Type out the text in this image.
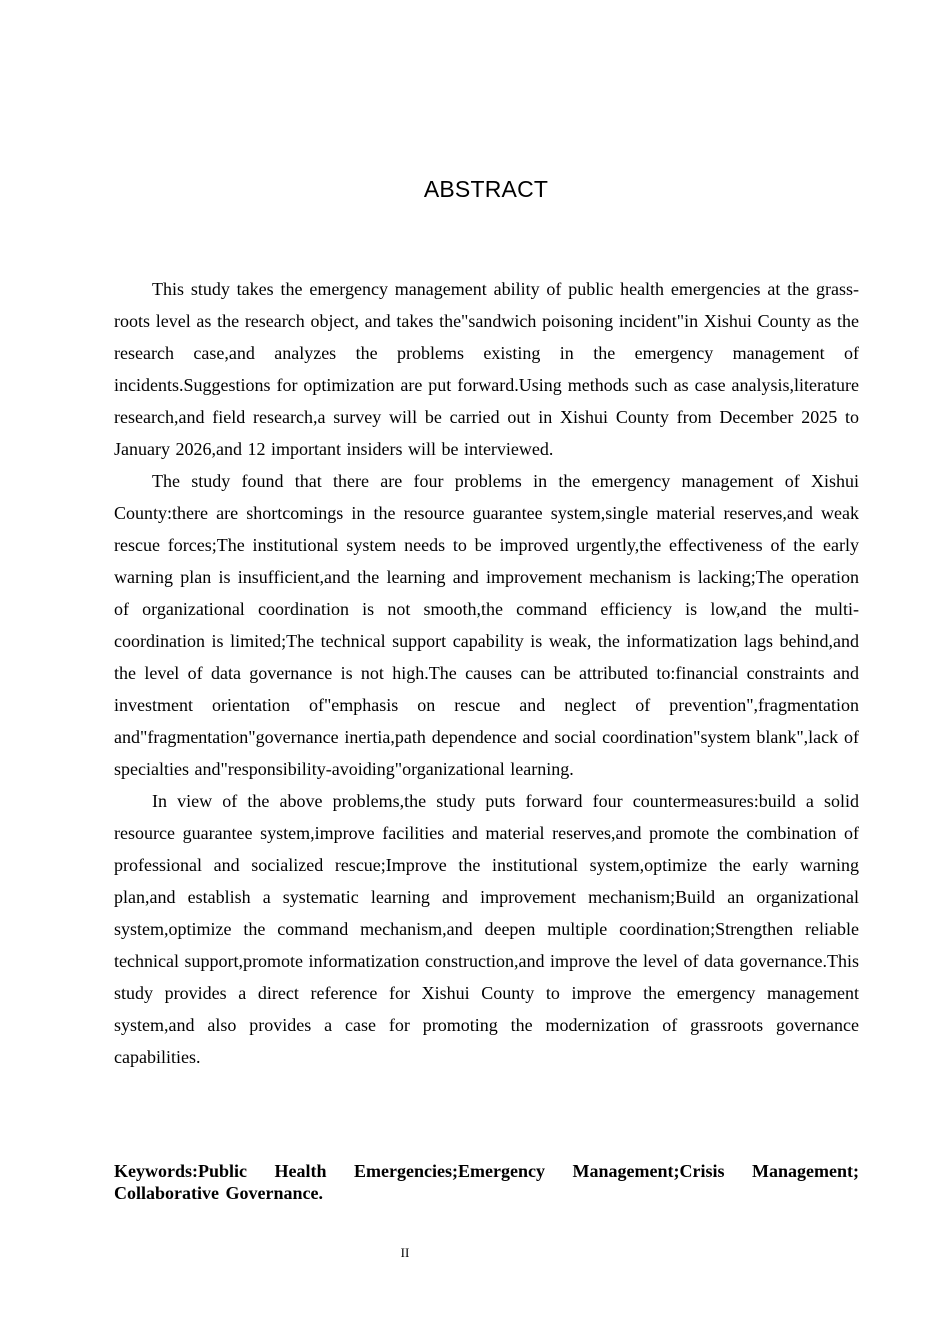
ABSTRACT

This study takes the emergency management ability of public health emergencies at the grass-roots level as the research object, and takes the"sandwich poisoning incident"in Xishui County as the research case,and analyzes the problems existing in the emergency management of incidents.Suggestions for optimization are put forward.Using methods such as case analysis,literature research,and field research,a survey will be carried out in Xishui County from December 2025 to January 2026,and 12 important insiders will be interviewed.

The study found that there are four problems in the emergency management of Xishui County:there are shortcomings in the resource guarantee system,single material reserves,and weak rescue forces;The institutional system needs to be improved urgently,the effectiveness of the early warning plan is insufficient,and the learning and improvement mechanism is lacking;The operation of organizational coordination is not smooth,the command efficiency is low,and the multi-coordination is limited;The technical support capability is weak, the informatization lags behind,and the level of data governance is not high.The causes can be attributed to:financial constraints and investment orientation of"emphasis on rescue and neglect of prevention",fragmentation and"fragmentation"governance inertia,path dependence and social coordination"system blank",lack of specialties and"responsibility-avoiding"organizational learning.

In view of the above problems,the study puts forward four countermeasures:build a solid resource guarantee system,improve facilities and material reserves,and promote the combination of professional and socialized rescue;Improve the institutional system,optimize the early warning plan,and establish a systematic learning and improvement mechanism;Build an organizational system,optimize the command mechanism,and deepen multiple coordination;Strengthen reliable technical support,promote informatization construction,and improve the level of data governance.This study provides a direct reference for Xishui County to improve the emergency management system,and also provides a case for promoting the modernization of grassroots governance capabilities.

Keywords:Public Health Emergencies;Emergency Management;Crisis Management; Collaborative Governance.
II
